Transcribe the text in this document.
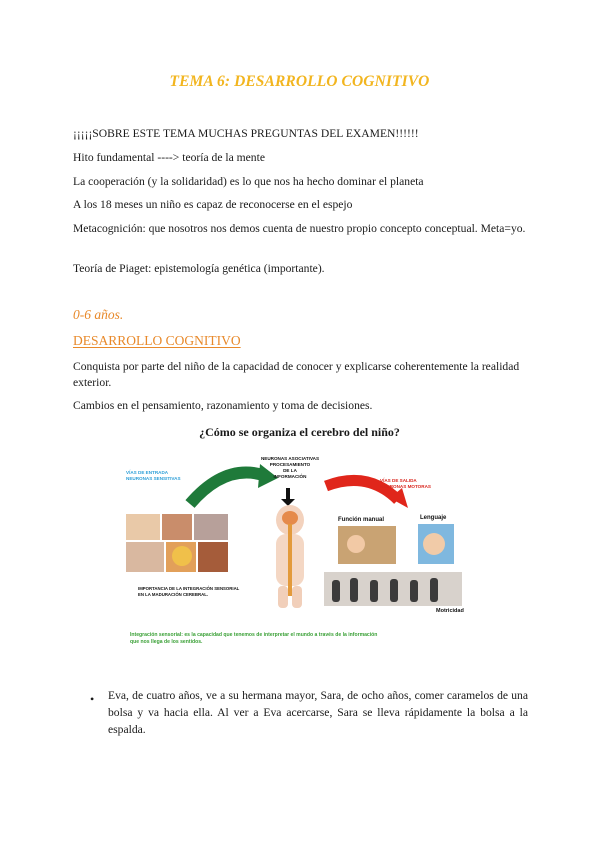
TEMA 6: DESARROLLO COGNITIVO
¡¡¡¡¡SOBRE ESTE TEMA MUCHAS PREGUNTAS DEL EXAMEN!!!!!!
Hito fundamental ----> teoría de la mente
La cooperación (y la solidaridad) es lo que nos ha hecho dominar el planeta
A los 18 meses un niño es capaz de reconocerse en el espejo
Metacognición: que nosotros nos demos cuenta de nuestro propio concepto conceptual. Meta=yo.
Teoría de Piaget: epistemología genética (importante).
0-6 años.
DESARROLLO COGNITIVO
Conquista por parte del niño de la capacidad de conocer y explicarse coherentemente la realidad exterior.
Cambios en el pensamiento, razonamiento y toma de decisiones.
¿Cómo se organiza el cerebro del niño?
VÍAS DE ENTRADA
NEURONAS SENSITIVAS
NEURONAS ASOCIATIVAS
PROCESAMIENTO
DE LA
INFORMACIÓN
VÍAS DE SALIDA
NEURONAS MOTORAS
Función manual	Lenguaje
Motricidad
IMPORTANCIA DE LA INTEGRACIÓN SENSORIAL
EN LA MADURACIÓN CEREBRAL.
Integración sensorial: es la capacidad que tenemos de interpretar el mundo a través de la información
que nos llega de los sentidos.
• Eva, de cuatro años, ve a su hermana mayor, Sara, de ocho años, comer caramelos de una bolsa y va hacia ella. Al ver a Eva acercarse, Sara se lleva rápidamente la bolsa a la espalda.
